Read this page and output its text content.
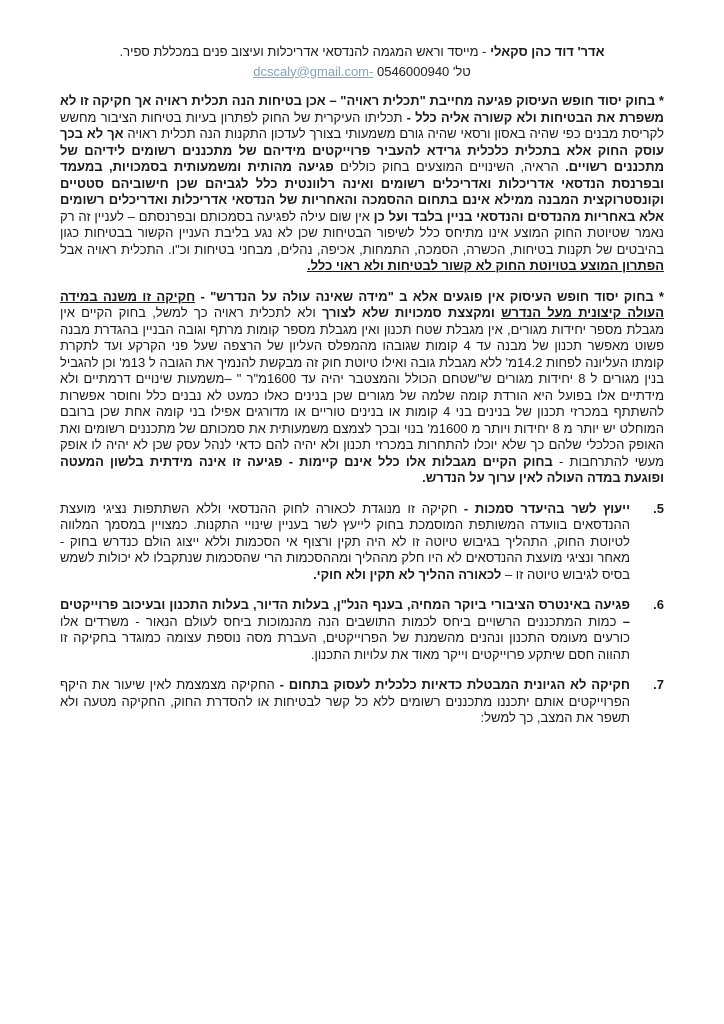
אדר' דוד כהן סקאלי - מייסד וראש המגמה להנדסאי אדריכלות ועיצוב פנים במכללת ספיר.
טל' 0546000940 dcscaly@gmail.com-
* בחוק יסוד חופש העיסוק פגיעה מחייבת "תכלית ראויה" – אכן בטיחות הנה תכלית ראויה אך חקיקה זו לא משפרת את הבטיחות ולא קשורה אליה כלל - תכליתו העיקרית של החוק לפתרון בעיות בטיחות הציבור מחשש לקריסת מבנים כפי שהיה באסון ורסאי שהיה גורם משמעותי בצורך לעדכון התקנות הנה תכלית ראויה אך לא בכך עוסק החוק אלא בתכלית כלכלית גרידא להעביר פרוייקטים מידיהם של מתכננים רשומים לידיהם של מתכננים רשויים. הראיה, השינויים המוצעים בחוק כוללים פגיעה מהותית ומשמעותית בסמכויות, במעמד ובפרנסת הנדסאי אדריכלות ואדריכלים רשומים ואינה רלוונטית כלל לגביהם שכן חישוביהם סטטיים וקונסטרוקצית המבנה ממילא אינם בתחום ההסמכה והאחריות של הנדסאי אדריכלות ואדריכלים רשומים אלא באחריות מהנדסים והנדסאי בניין בלבד ועל כן אין שום עילה לפגיעה בסמכותם ובפרנסתם – לעניין זה רק נאמר שטיוטת החוק המוצע אינו מתיחס כלל לשיפור הבטיחות שכן לא נגע בליבת העניין הקשור בבטיחות כגון בהיבטים של תקנות בטיחות, הכשרה, הסמכה, התמחות, אכיפה, נהלים, מבחני בטיחות וכ"ו. התכלית ראויה אבל הפתרון המוצע בטויוטת החוק לא קשור לבטיחות ולא ראוי כלל.
* בחוק יסוד חופש העיסוק אין פוגעים אלא ב "מידה שאינה עולה על הנדרש" - חקיקה זו משנה במידה העולה קיצונית מעל הנדרש ומקצצת סמכויות שלא לצורך ולא לתכלית ראויה כך למשל, בחוק הקיים אין מגבלת מספר יחידות מגורים, אין מגבלת שטח תכנון ואין מגבלת מספר קומות מרתף וגובה הבניין בהגדרת מבנה פשוט מאפשר תכנון של מבנה עד 4 קומות שגובהו מהמפלס העליון של הרצפה שעל פני הקרקע ועד לתקרת קומתו העליונה לפחות 14.2מ' ללא מגבלת גובה ואילו טיוטת חוק זה מבקשת להנמיך את הגובה ל 13מ' וכן להגביל בנין מגורים ל 8 יחידות מגורים ש"שטחם הכולל והמצטבר יהיה עד 1600מ"ר " –משמעות שינויים דרמתיים ולא מידתיים אלו בפועל היא הורדת קומה שלמה של מגורים שכן בנינים כאלו כמעט לא נבנים כלל וחוסר אפשרות להשתתף במכרזי תכנון של בנינים בני 4 קומות או בנינים טוריים או מדורגים אפילו בני קומה אחת שכן ברובם המוחלט יש יותר מ 8 יחידות ויותר מ 1600מ' בנוי ובכך לצמצם משמעותית את סמכותם של מתכננים רשומים ואת האופק הכלכלי שלהם כך שלא יוכלו להתחרות במכרזי תכנון ולא יהיה להם כדאי לנהל עסק שכן לא יהיה לו אופק מעשי להתרחבות - בחוק הקיים מגבלות אלו כלל אינם קיימות - פגיעה זו אינה מידתית בלשון המעטה ופוגעת במדה העולה לאין ערוך על הנדרש.
5.
ייעוץ לשר בהיעדר סמכות - חקיקה זו מנוגדת לכאורה לחוק ההנדסאי וללא השתתפות נציגי מועצת ההנדסאים בוועדה המשותפת המוסמכת בחוק לייעץ לשר בעניין שינויי התקנות. כמצויין במסמך המלווה לטיוטת החוק, התהליך בגיבוש טיוטה זו לא היה תקין ורצוף אי הסכמות וללא ייצוג הולם כנדרש בחוק - מאחר ונציגי מועצת ההנדסאים לא היו חלק מההליך ומההסכמות הרי שהסכמות שנתקבלו לא יכולות לשמש בסיס לגיבוש טיוטה זו – לכאורה ההליך לא תקין ולא חוקי.
6.
פגיעה באינטרס הציבורי ביוקר המחיה, בענף הנל"ן, בעלות הדיור, בעלות התכנון ובעיכוב פרוייקטים – כמות המתכננים הרשויים ביחס לכמות התושבים הנה מהנמוכות ביחס לעולם הנאור - משרדים אלו כורעים מעומס התכנון ונהנים מהשמנת של הפרוייקטים, העברת מסה נוספת עצומה כמוגדר בחקיקה זו תהווה חסם שיתקע פרוייקטים וייקר מאוד את עלויות התכנון.
7.
חקיקה לא הגיונית המבטלת כדאיות כלכלית לעסוק בתחום - החקיקה מצמצמת לאין שיעור את היקף הפרוייקטים אותם יתכננו מתכננים רשומים ללא כל קשר לבטיחות או להסדרת החוק, החקיקה מטעה ולא תשפר את המצב, כך למשל:
